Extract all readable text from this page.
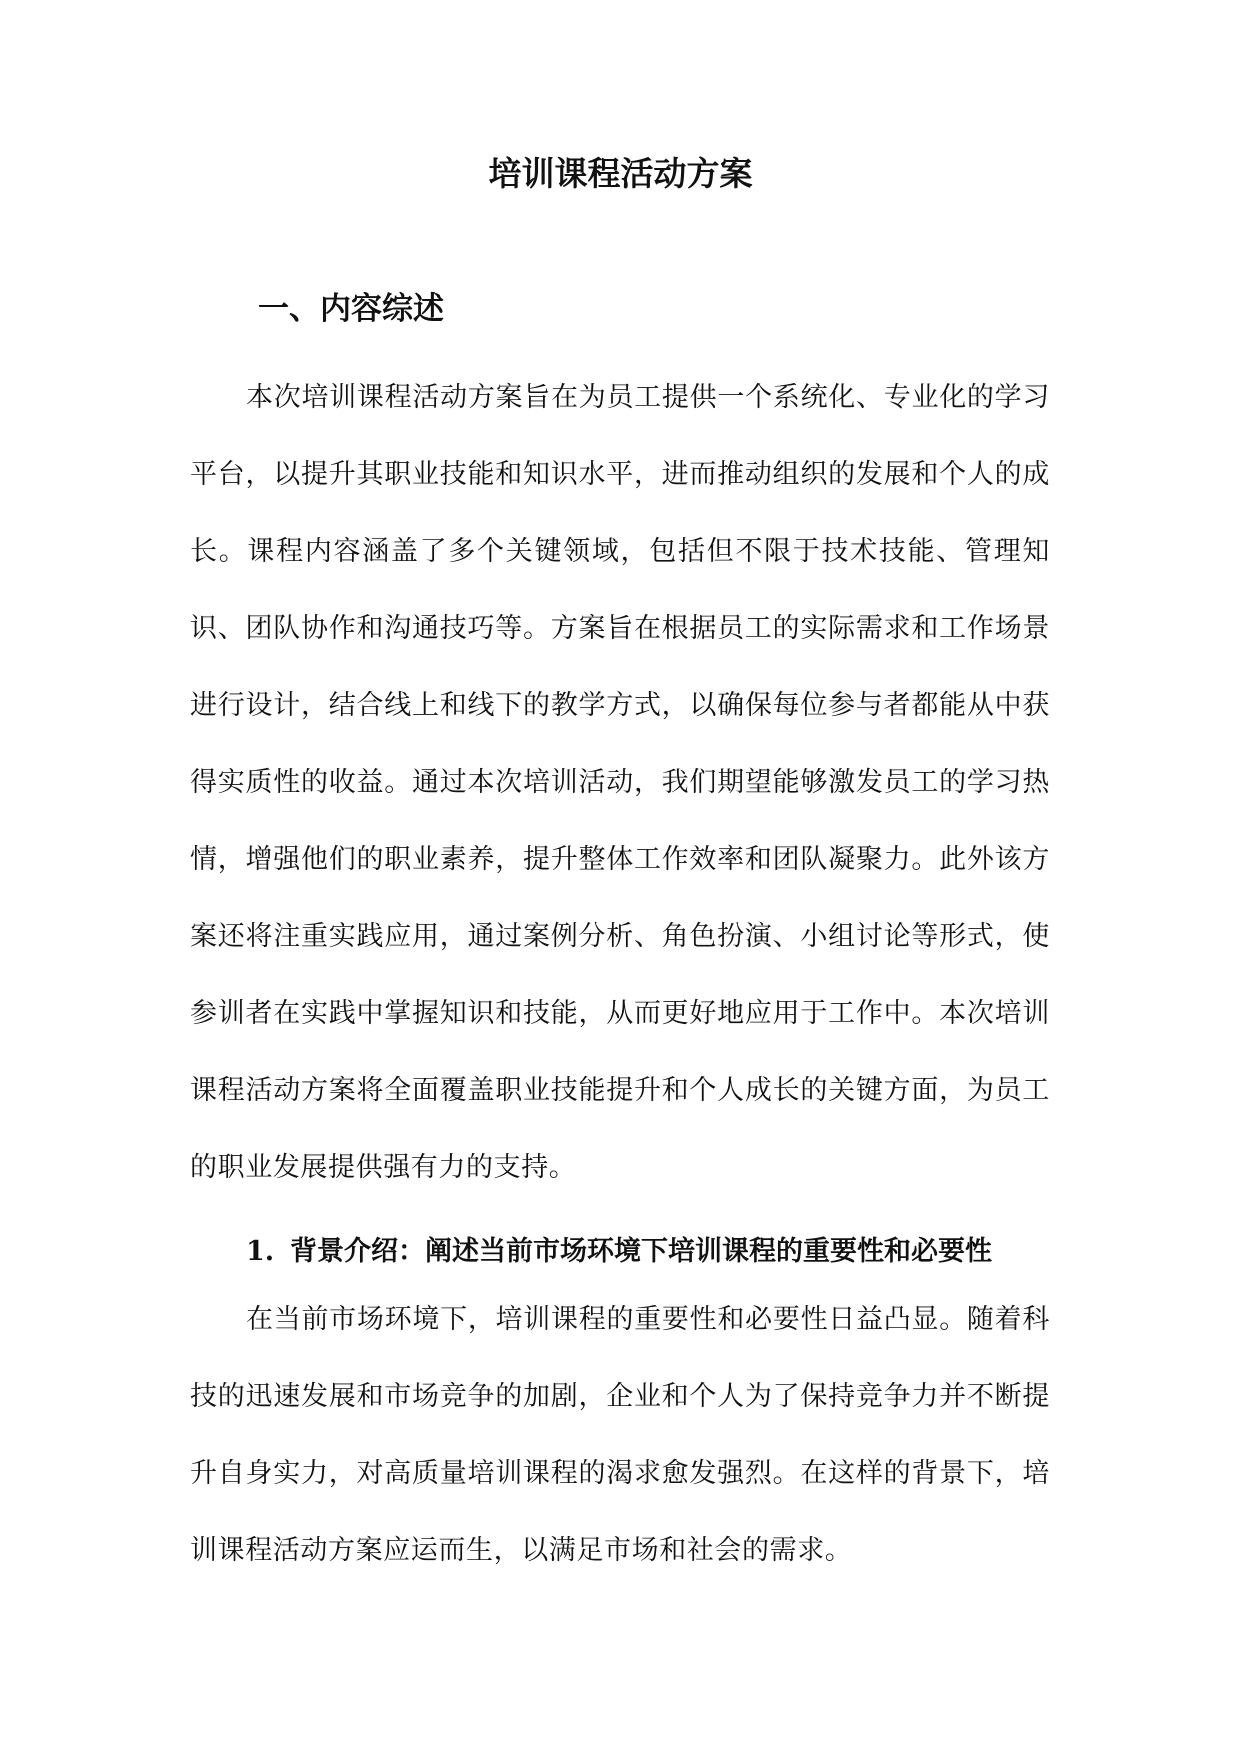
培训课程活动方案
一、内容综述

本次培训课程活动方案旨在为员工提供一个系统化、专业化的学习平台，以提升其职业技能和知识水平，进而推动组织的发展和个人的成长。课程内容涵盖了多个关键领域，包括但不限于技术技能、管理知识、团队协作和沟通技巧等。方案旨在根据员工的实际需求和工作场景进行设计，结合线上和线下的教学方式，以确保每位参与者都能从中获得实质性的收益。通过本次培训活动，我们期望能够激发员工的学习热情，增强他们的职业素养，提升整体工作效率和团队凝聚力。此外该方案还将注重实践应用，通过案例分析、角色扮演、小组讨论等形式，使参训者在实践中掌握知识和技能，从而更好地应用于工作中。本次培训课程活动方案将全面覆盖职业技能提升和个人成长的关键方面，为员工的职业发展提供强有力的支持。

1. 背景介绍：阐述当前市场环境下培训课程的重要性和必要性

在当前市场环境下，培训课程的重要性和必要性日益凸显。随着科技的迅速发展和市场竞争的加剧，企业和个人为了保持竞争力并不断提升自身实力，对高质量培训课程的渴求愈发强烈。在这样的背景下，培训课程活动方案应运而生，以满足市场和社会的需求。
